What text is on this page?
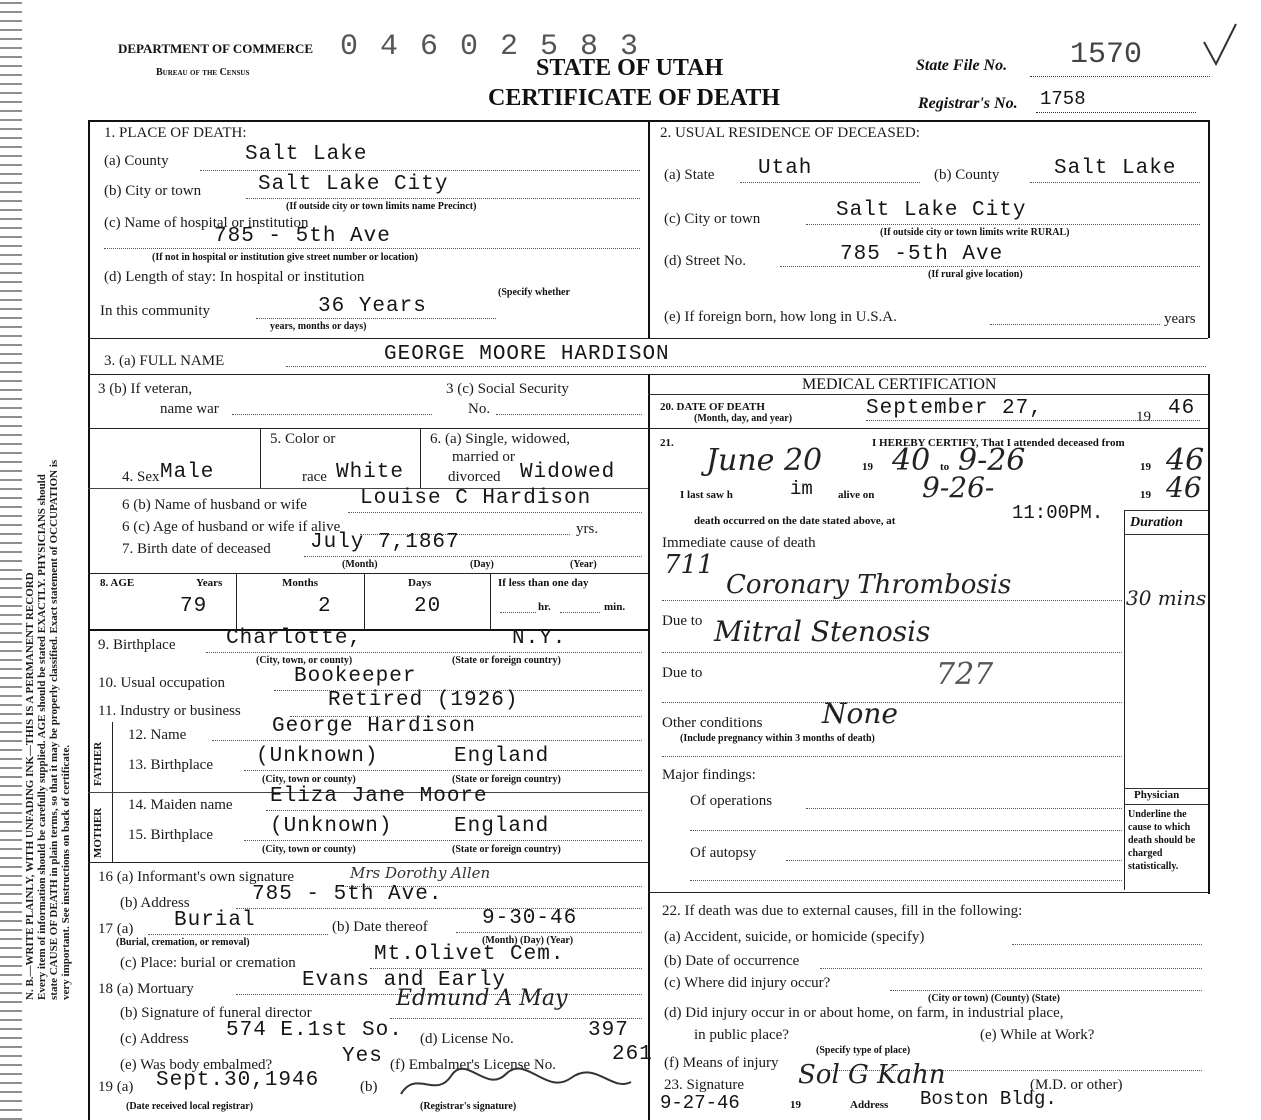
N. B.—WRITE PLAINLY, WITH UNFADING INK—THIS IS A PERMANENT RECORD Every item of information should be carefully supplied. AGE should be stated EXACTLY. PHYSICIANS should state CAUSE OF DEATH in plain terms, so that it may be properly classified. Exact statement of OCCUPATION is very important. See instructions on back of certificate.
DEPARTMENT OF COMMERCE
Bureau of the Census
0 4 6 0 2 5 8 3
STATE OF UTAH
CERTIFICATE OF DEATH
State File No. 1570
Registrar's No. 1758
1. PLACE OF DEATH:
(a) County	Salt Lake
(b) City or town	Salt Lake City
(If outside city or town limits name Precinct)
(c) Name of hospital or institution
785 - 5th Ave
(If not in hospital or institution give street number or location)
(d) Length of stay: In hospital or institution
(Specify whether
In this community	36 Years
years, months or days)
2. USUAL RESIDENCE OF DECEASED:
(a) State Utah	(b) County	Salt Lake
(c) City or town	Salt Lake City
(If outside city or town limits write RURAL)
(d) Street No.	785 -5th Ave
(If rural give location)
(e) If foreign born, how long in U.S.A.	years
3. (a) FULL NAME	GEORGE MOORE HARDISON
3 (b) If veteran,
name war
3 (c) Social Security
No.
4. Sex Male
5. Color or
race White
6. (a) Single, widowed,
married or
divorced Widowed
6 (b) Name of husband or wife	Louise C Hardison
6 (c) Age of husband or wife if alive	yrs.
7. Birth date of deceased July 7,1867
(Month)	(Day)	(Year)
8. AGE	Years	Months	Days	If less than one day
79	2	20	hr.	min.
9. Birthplace Charlotte,	N.Y.
(City, town, or county)	(State or foreign country)
10. Usual occupation	Bookeeper
11. Industry or business	Retired (1926)
FATHER
MOTHER
12. Name	George Hardison
13. Birthplace (Unknown)	England
(City, town or county)	(State or foreign country)
14. Maiden name Eliza Jane Moore
15. Birthplace	(Unknown)	England
(City, town or county)	(State or foreign country)
16 (a) Informant's own signature	Mrs Dorothy Allen
(b) Address	785 - 5th Ave.
17 (a) Burial
(Burial, cremation, or removal)
(b) Date thereof	9-30-46
(Month) (Day) (Year)
(c) Place: burial or cremation	Mt.Olivet Cem.
18 (a) Mortuary	Evans and Early
(b) Signature of funeral director
Edmund A May
(c) Address 574 E.1st So. (d) License No.	397
(e) Was body embalmed?	Yes (f) Embalmer's License No.	261
19 (a) Sept.30,1946	(b)
(Date received local registrar)	(Registrar's signature)
MEDICAL CERTIFICATION
20. DATE OF DEATH
(Month, day, and year)	September 27,	19 46
21.	I HEREBY CERTIFY, That I attended deceased from
June 20	19 40 to 9-26	19 46
I last saw h	im alive on 9-26-	19 46
death occurred on the date stated above, at	11:00PM. Duration
Immediate cause of death
711
Coronary Thrombosis	30 mins
Due to Mitral Stenosis
Due to	727
Other conditions None
(Include pregnancy within 3 months of death)
Major findings:
Of operations
Of autopsy
Physician
Underline the cause to which death should be charged statistically.
22. If death was due to external causes, fill in the following:
(a) Accident, suicide, or homicide (specify)
(b) Date of occurrence
(c) Where did injury occur?
(City or town) (County) (State)
(d) Did injury occur in or about home, on farm, in industrial place,
in public place?	(e) While at Work?
(Specify type of place)
(f) Means of injury
23. Signature Sol G Kahn	(M.D. or other)
9-27-46	19	Address Boston Bldg.
